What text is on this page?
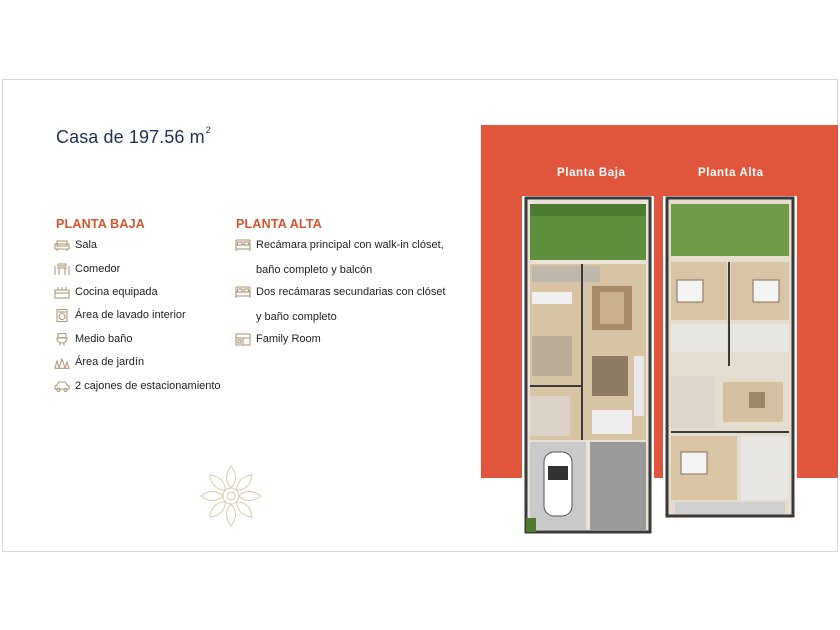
Casa de 197.56 $m^2$
PLANTA BAJA
Sala
Comedor
Cocina equipada
Área de lavado interior
Medio baño
Área de jardín
2 cajones de estacionamiento
PLANTA ALTA
Recámara principal con walk-in clóset,
baño completo y balcón
Dos recámaras secundarias con clóset
y baño completo
Family Room
Planta Baja	Planta Alta
